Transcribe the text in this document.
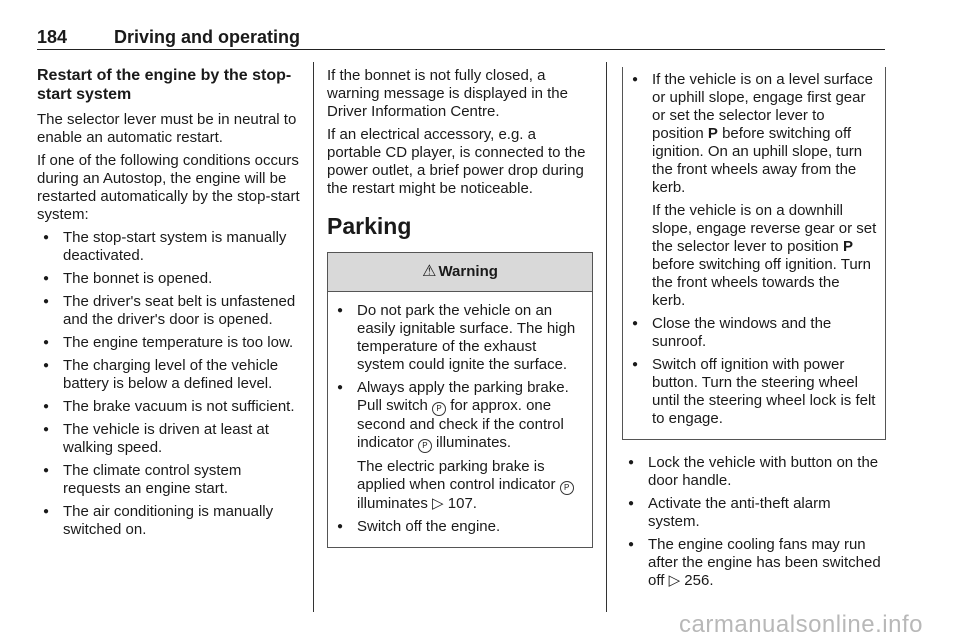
184	Driving and operating
Restart of the engine by the stop-start system

The selector lever must be in neutral to enable an automatic restart.

If one of the following conditions occurs during an Autostop, the engine will be restarted automatically by the stop-start system:

● The stop-start system is manually deactivated.
● The bonnet is opened.
● The driver's seat belt is unfastened and the driver's door is opened.
● The engine temperature is too low.
● The charging level of the vehicle battery is below a defined level.
● The brake vacuum is not sufficient.
● The vehicle is driven at least at walking speed.
● The climate control system requests an engine start.
● The air conditioning is manually switched on.

If the bonnet is not fully closed, a warning message is displayed in the Driver Information Centre.

If an electrical accessory, e.g. a portable CD player, is connected to the power outlet, a brief power drop during the restart might be noticeable.

Parking
⚠ Warning
● Do not park the vehicle on an easily ignitable surface. The high temperature of the exhaust system could ignite the surface.
● Always apply the parking brake. Pull switch P for approx. one second and check if the control indicator P illuminates.
The electric parking brake is applied when control indicator P illuminates ▷ 107.
● Switch off the engine.
● If the vehicle is on a level surface or uphill slope, engage first gear or set the selector lever to position P before switching off ignition. On an uphill slope, turn the front wheels away from the kerb.
If the vehicle is on a downhill slope, engage reverse gear or set the selector lever to position P before switching off ignition. Turn the front wheels towards the kerb.
● Close the windows and the sunroof.
● Switch off ignition with power button. Turn the steering wheel until the steering wheel lock is felt to engage.
● Lock the vehicle with button on the door handle.
● Activate the anti-theft alarm system.
● The engine cooling fans may run after the engine has been switched off ▷ 256.
carmanualsonline.info
